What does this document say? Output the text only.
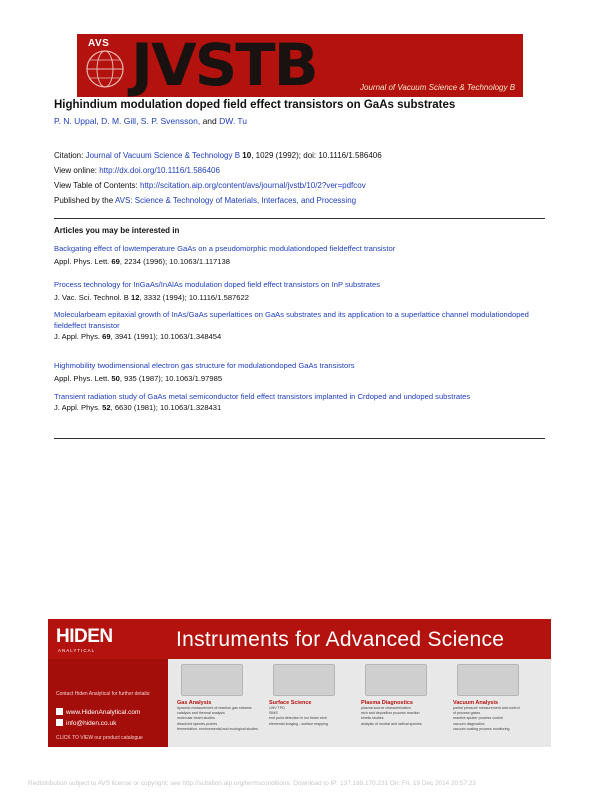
AVS JVSTB	Journal of Vacuum Science & Technology B
Highindium modulation doped field effect transistors on GaAs substrates
P. N. Uppal, D. M. Gill, S. P. Svensson, and DW. Tu
Citation: Journal of Vacuum Science & Technology B 10, 1029 (1992); doi: 10.1116/1.586406
View online: http://dx.doi.org/10.1116/1.586406
View Table of Contents: http://scitation.aip.org/content/avs/journal/jvstb/10/2?ver=pdfcov
Published by the AVS: Science & Technology of Materials, Interfaces, and Processing
Articles you may be interested in
Backgating effect of lowtemperature GaAs on a pseudomorphic modulationdoped fieldeffect transistor
Appl. Phys. Lett. 69, 2234 (1996); 10.1063/1.117138
Process technology for InGaAs/InAlAs modulation doped field effect transistors on InP substrates
J. Vac. Sci. Technol. B 12, 3332 (1994); 10.1116/1.587622
Molecularbeam epitaxial growth of InAs/GaAs superlattices on GaAs substrates and its application to a superlattice channel modulationdoped fieldeffect transistor
J. Appl. Phys. 69, 3941 (1991); 10.1063/1.348454
Highmobility twodimensional electron gas structure for modulationdoped GaAs transistors
Appl. Phys. Lett. 50, 935 (1987); 10.1063/1.97985
Transient radiation study of GaAs metal semiconductor field effect transistors implanted in Crdoped and undoped substrates
J. Appl. Phys. 52, 6630 (1981); 10.1063/1.328431
HIDEN
ANALYTICAL	Instruments for Advanced Science
Contact Hiden Analytical for further details:
www.HidenAnalytical.com
info@hiden.co.uk
CLICK TO VIEW our product catalogue
Gas Analysis
dynamic measurement of reaction gas streams
catalysis and thermal analysis
molecular beam studies
dissolved species probes
fermentation, environmental and ecological studies
Surface Science
UHV TPD
SIMS
end point detection in ion beam etch
elemental imaging - surface mapping
Plasma Diagnostics
plasma source characterization
etch and deposition process reaction
kinetic studies
analysis of neutral and radical species
Vacuum Analysis
partial pressure measurement and control
of process gases
reactive sputter process control
vacuum diagnostics
vacuum coating process monitoring
Redistribution subject to AVS license or copyright; see http://scitation.aip.org/termsconditions. Download to IP: 137.189.170.231 On: Fri, 19 Dec 2014 20:57:23
